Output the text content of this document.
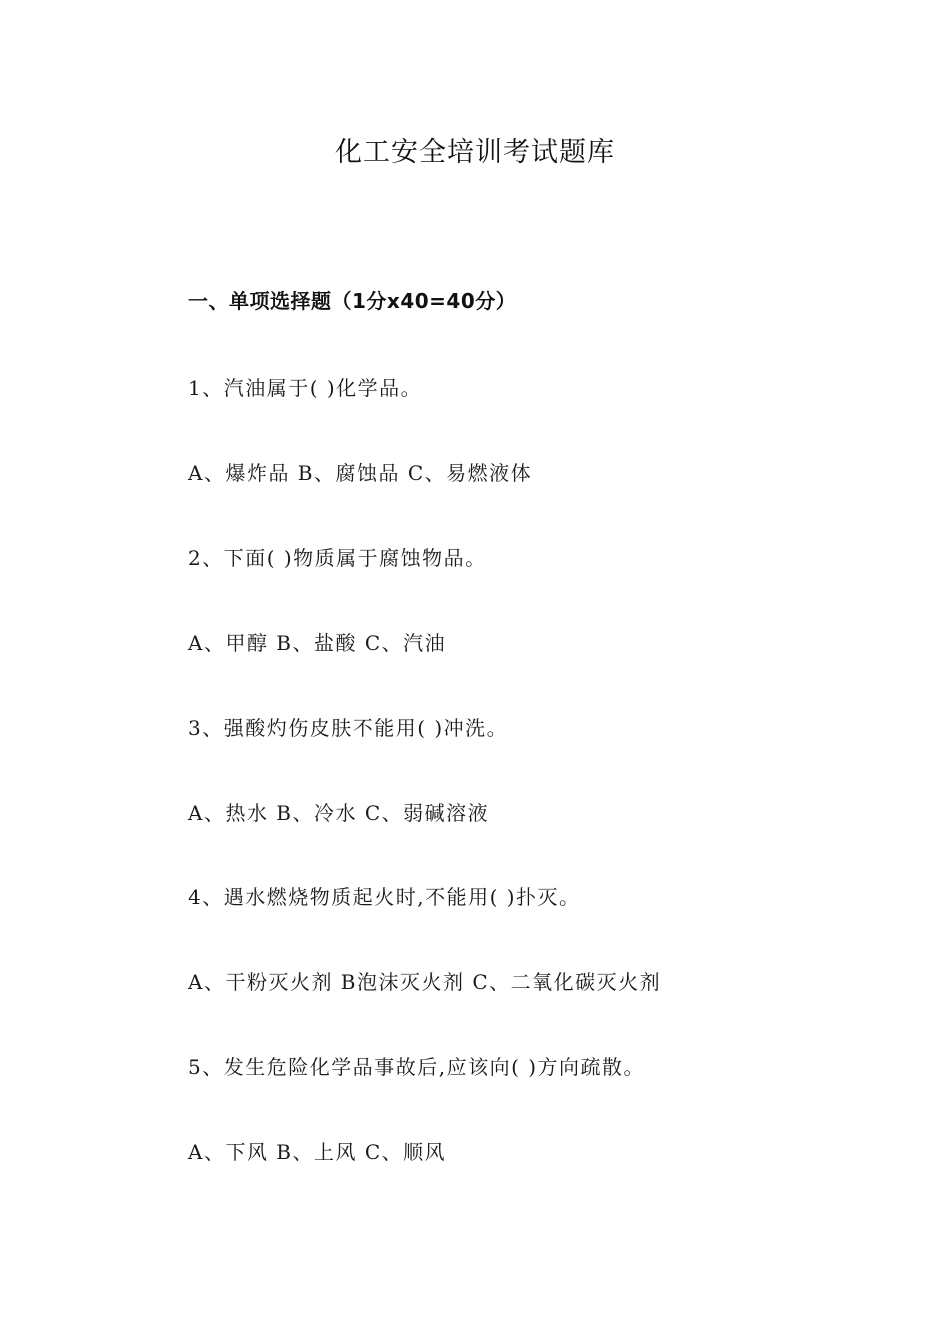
化工安全培训考试题库
一、单项选择题（1分x40=40分）
1、汽油属于( )化学品。
A、爆炸品 B、腐蚀品 C、易燃液体
2、下面( )物质属于腐蚀物品。
A、甲醇 B、盐酸 C、汽油
3、强酸灼伤皮肤不能用( )冲洗。
A、热水 B、冷水 C、弱碱溶液
4、遇水燃烧物质起火时,不能用( )扑灭。
A、干粉灭火剂 B泡沫灭火剂 C、二氧化碳灭火剂
5、发生危险化学品事故后,应该向( )方向疏散。
A、下风 B、上风 C、顺风
